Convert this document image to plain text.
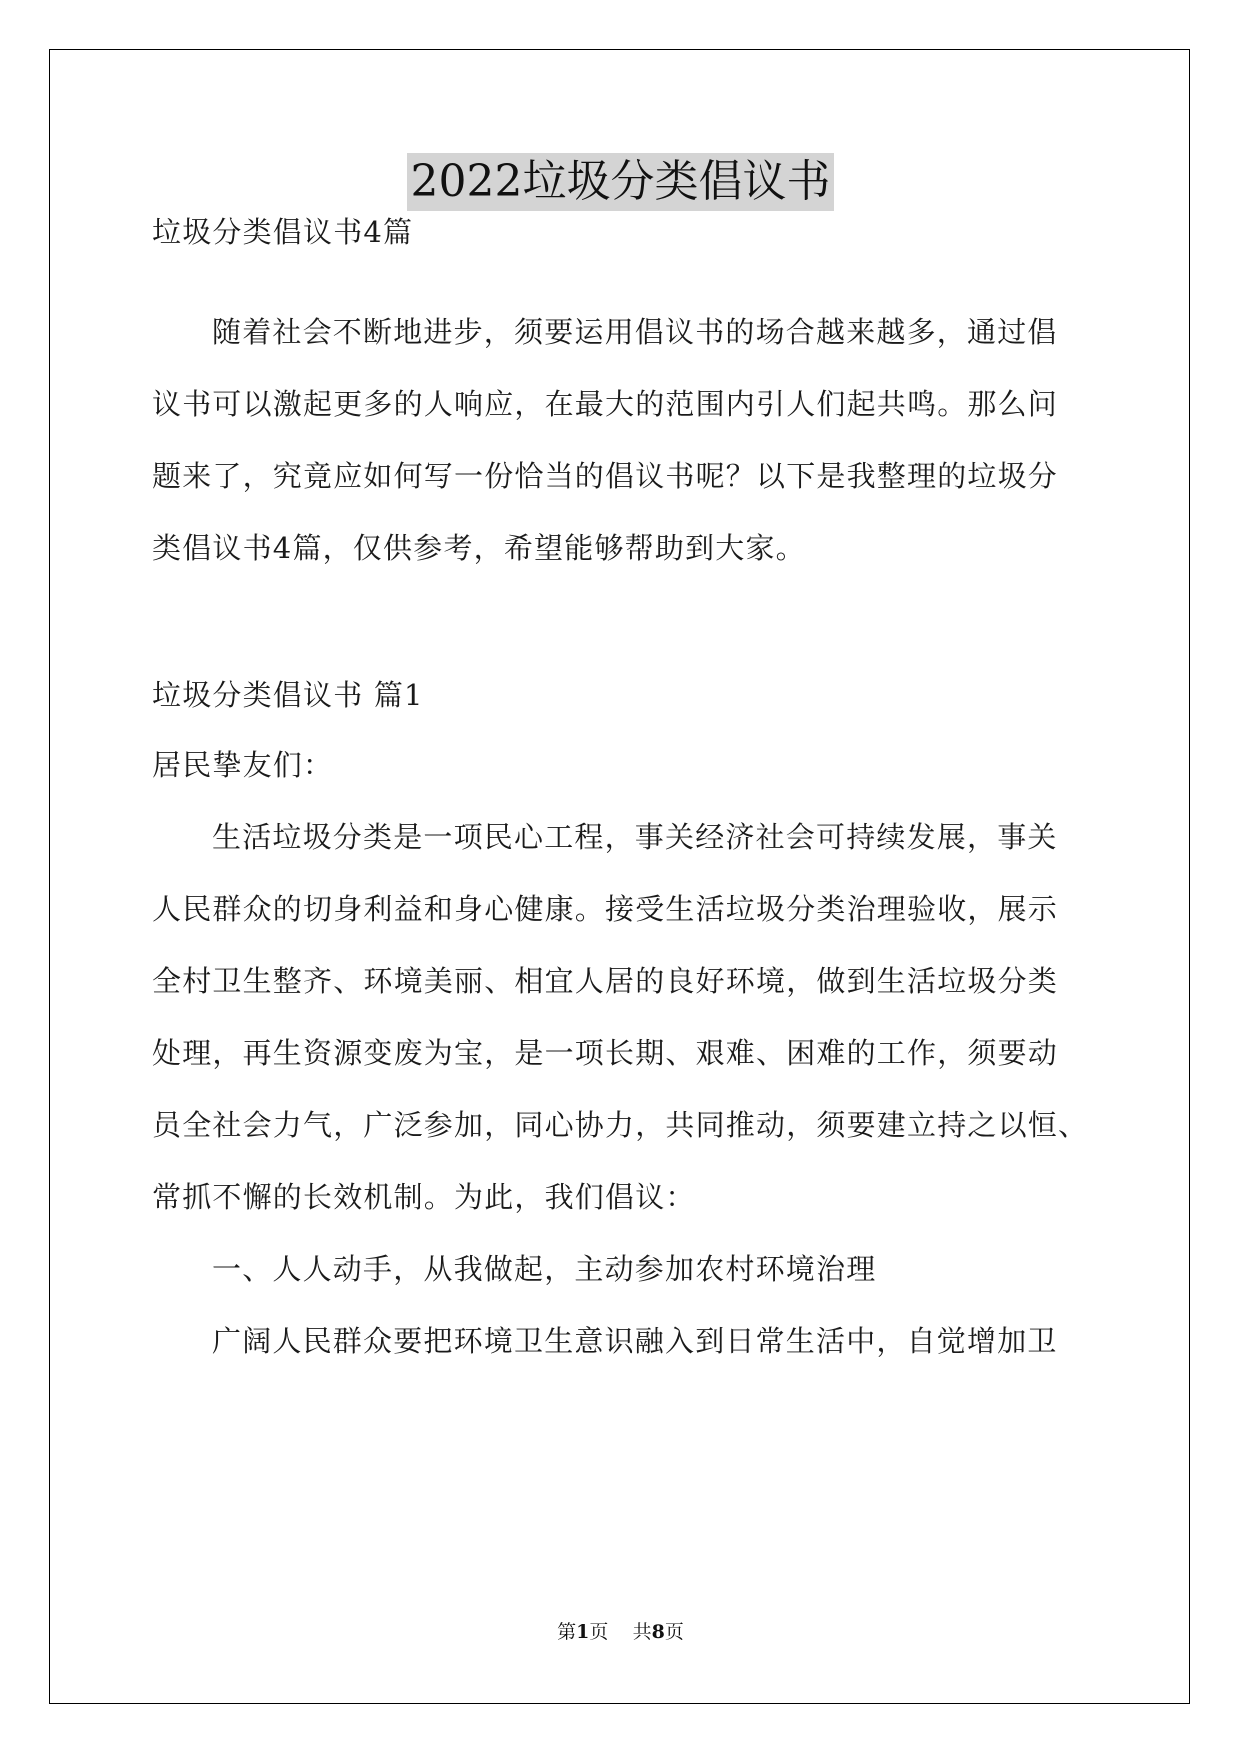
2022垃圾分类倡议书
垃圾分类倡议书4篇
随着社会不断地进步，须要运用倡议书的场合越来越多，通过倡
议书可以激起更多的人响应，在最大的范围内引人们起共鸣。那么问
题来了，究竟应如何写一份恰当的倡议书呢？以下是我整理的垃圾分
类倡议书4篇，仅供参考，希望能够帮助到大家。
垃圾分类倡议书 篇1
居民挚友们：
生活垃圾分类是一项民心工程，事关经济社会可持续发展，事关
人民群众的切身利益和身心健康。接受生活垃圾分类治理验收，展示
全村卫生整齐、环境美丽、相宜人居的良好环境，做到生活垃圾分类
处理，再生资源变废为宝，是一项长期、艰难、困难的工作，须要动
员全社会力气，广泛参加，同心协力，共同推动，须要建立持之以恒、
常抓不懈的长效机制。为此，我们倡议：
一、人人动手，从我做起，主动参加农村环境治理
广阔人民群众要把环境卫生意识融入到日常生活中，自觉增加卫
第1页    共8页
